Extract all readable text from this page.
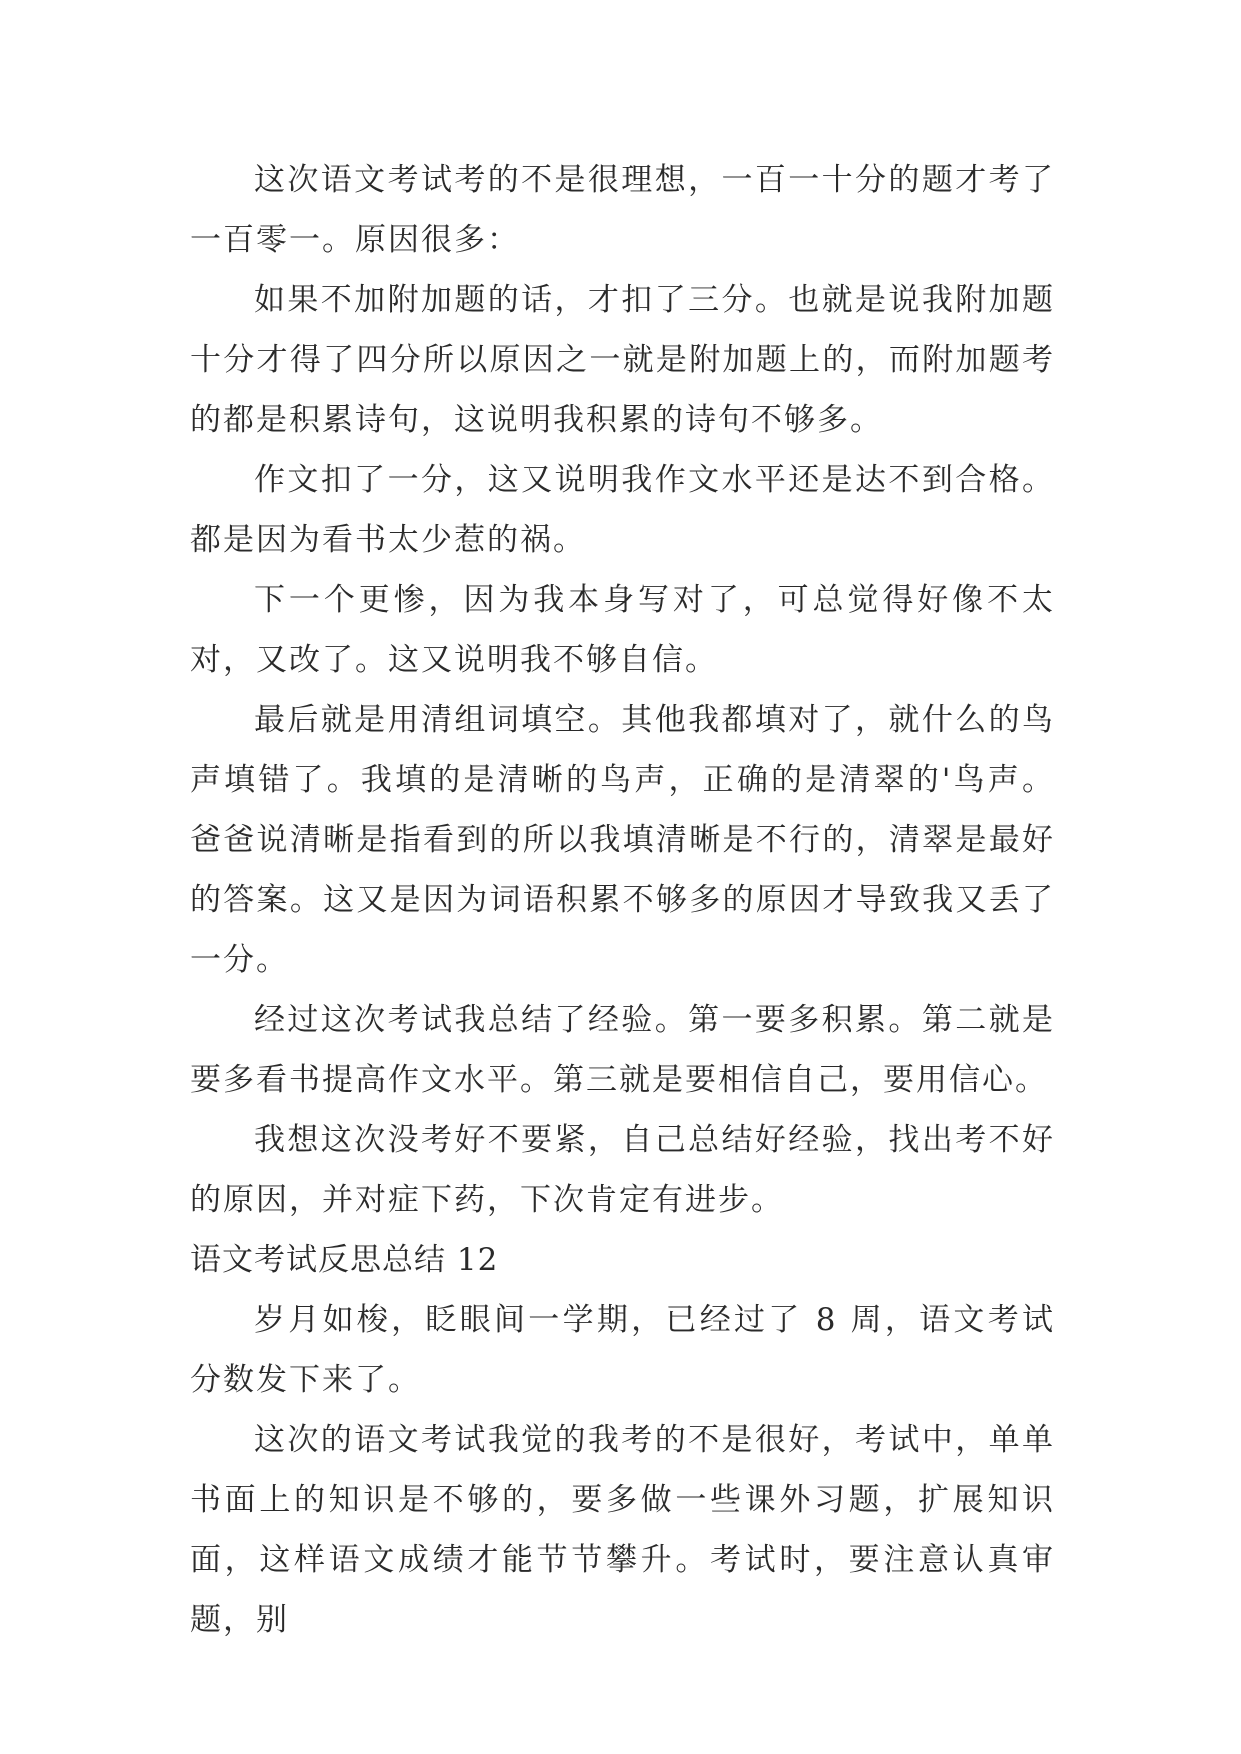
这次语文考试考的不是很理想，一百一十分的题才考了一百零一。原因很多：

如果不加附加题的话，才扣了三分。也就是说我附加题十分才得了四分所以原因之一就是附加题上的，而附加题考的都是积累诗句，这说明我积累的诗句不够多。

作文扣了一分，这又说明我作文水平还是达不到合格。都是因为看书太少惹的祸。

下一个更惨，因为我本身写对了，可总觉得好像不太对，又改了。这又说明我不够自信。

最后就是用清组词填空。其他我都填对了，就什么的鸟声填错了。我填的是清晰的鸟声，正确的是清翠的'鸟声。爸爸说清晰是指看到的所以我填清晰是不行的，清翠是最好的答案。这又是因为词语积累不够多的原因才导致我又丢了一分。

经过这次考试我总结了经验。第一要多积累。第二就是要多看书提高作文水平。第三就是要相信自己，要用信心。

我想这次没考好不要紧，自己总结好经验，找出考不好的原因，并对症下药，下次肯定有进步。

语文考试反思总结 12

岁月如梭，眨眼间一学期，已经过了 8 周，语文考试分数发下来了。

这次的语文考试我觉的我考的不是很好，考试中，单单书面上的知识是不够的，要多做一些课外习题，扩展知识面，这样语文成绩才能节节攀升。考试时，要注意认真审题，别
